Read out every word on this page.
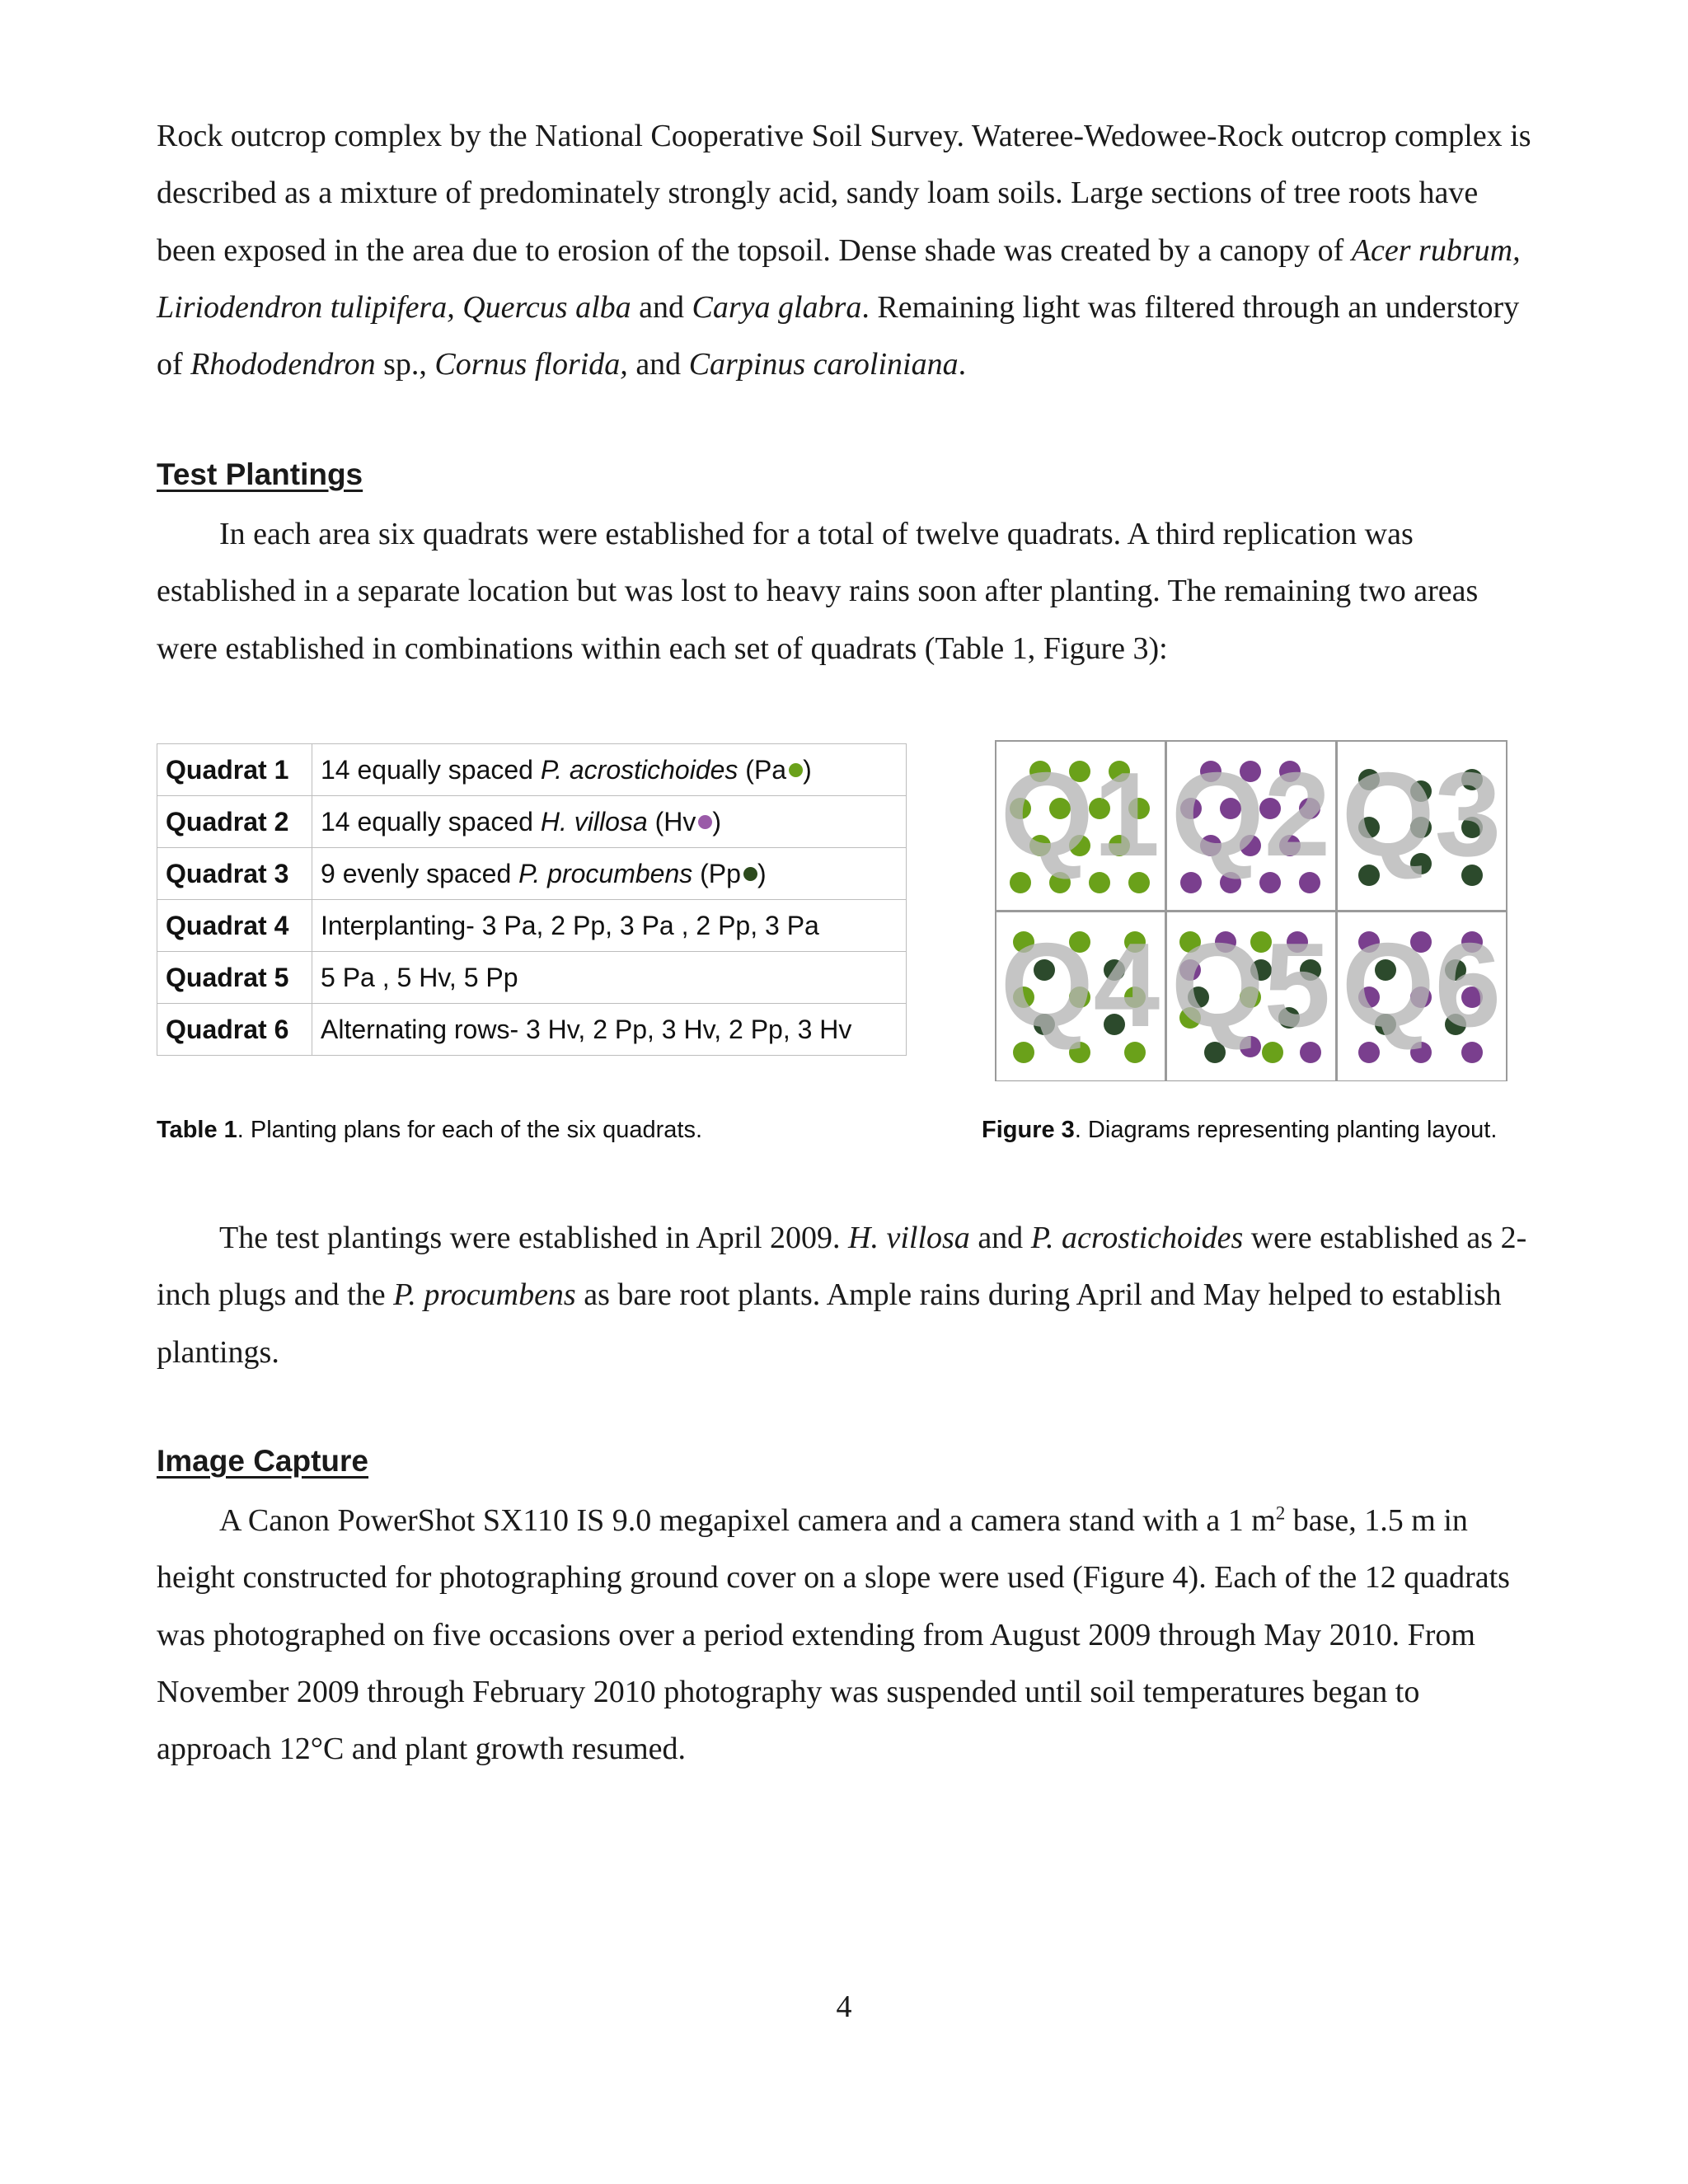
Rock outcrop complex by the National Cooperative Soil Survey. Wateree-Wedowee-Rock outcrop complex is described as a mixture of predominately strongly acid, sandy loam soils. Large sections of tree roots have been exposed in the area due to erosion of the topsoil. Dense shade was created by a canopy of Acer rubrum, Liriodendron tulipifera, Quercus alba and Carya glabra. Remaining light was filtered through an understory of Rhododendron sp., Cornus florida, and Carpinus caroliniana.

Test Plantings

In each area six quadrats were established for a total of twelve quadrats. A third replication was established in a separate location but was lost to heavy rains soon after planting. The remaining two areas were established in combinations within each set of quadrats (Table 1, Figure 3):

Quadrat 1	14 equally spaced P. acrostichoides (Pa )
Quadrat 2	14 equally spaced H. villosa (Hv )
Quadrat 3	9 evenly spaced P. procumbens (Pp )
Quadrat 4	Interplanting- 3 Pa, 2 Pp, 3 Pa , 2 Pp, 3 Pa
Quadrat 5	5 Pa , 5 Hv, 5 Pp
Quadrat 6	Alternating rows- 3 Hv, 2 Pp, 3 Hv, 2 Pp, 3 Hv
Q1 Q2 Q3
Q4 Q5 Q6

Table 1. Planting plans for each of the six quadrats.	Figure 3. Diagrams representing planting layout.

The test plantings were established in April 2009. H. villosa and P. acrostichoides were established as 2-inch plugs and the P. procumbens as bare root plants. Ample rains during April and May helped to establish plantings.

Image Capture

A Canon PowerShot SX110 IS 9.0 megapixel camera and a camera stand with a 1 $m^2$ base, 1.5 m in height constructed for photographing ground cover on a slope were used (Figure 4). Each of the 12 quadrats was photographed on five occasions over a period extending from August 2009 through May 2010. From November 2009 through February 2010 photography was suspended until soil temperatures began to approach 12°C and plant growth resumed.

4
